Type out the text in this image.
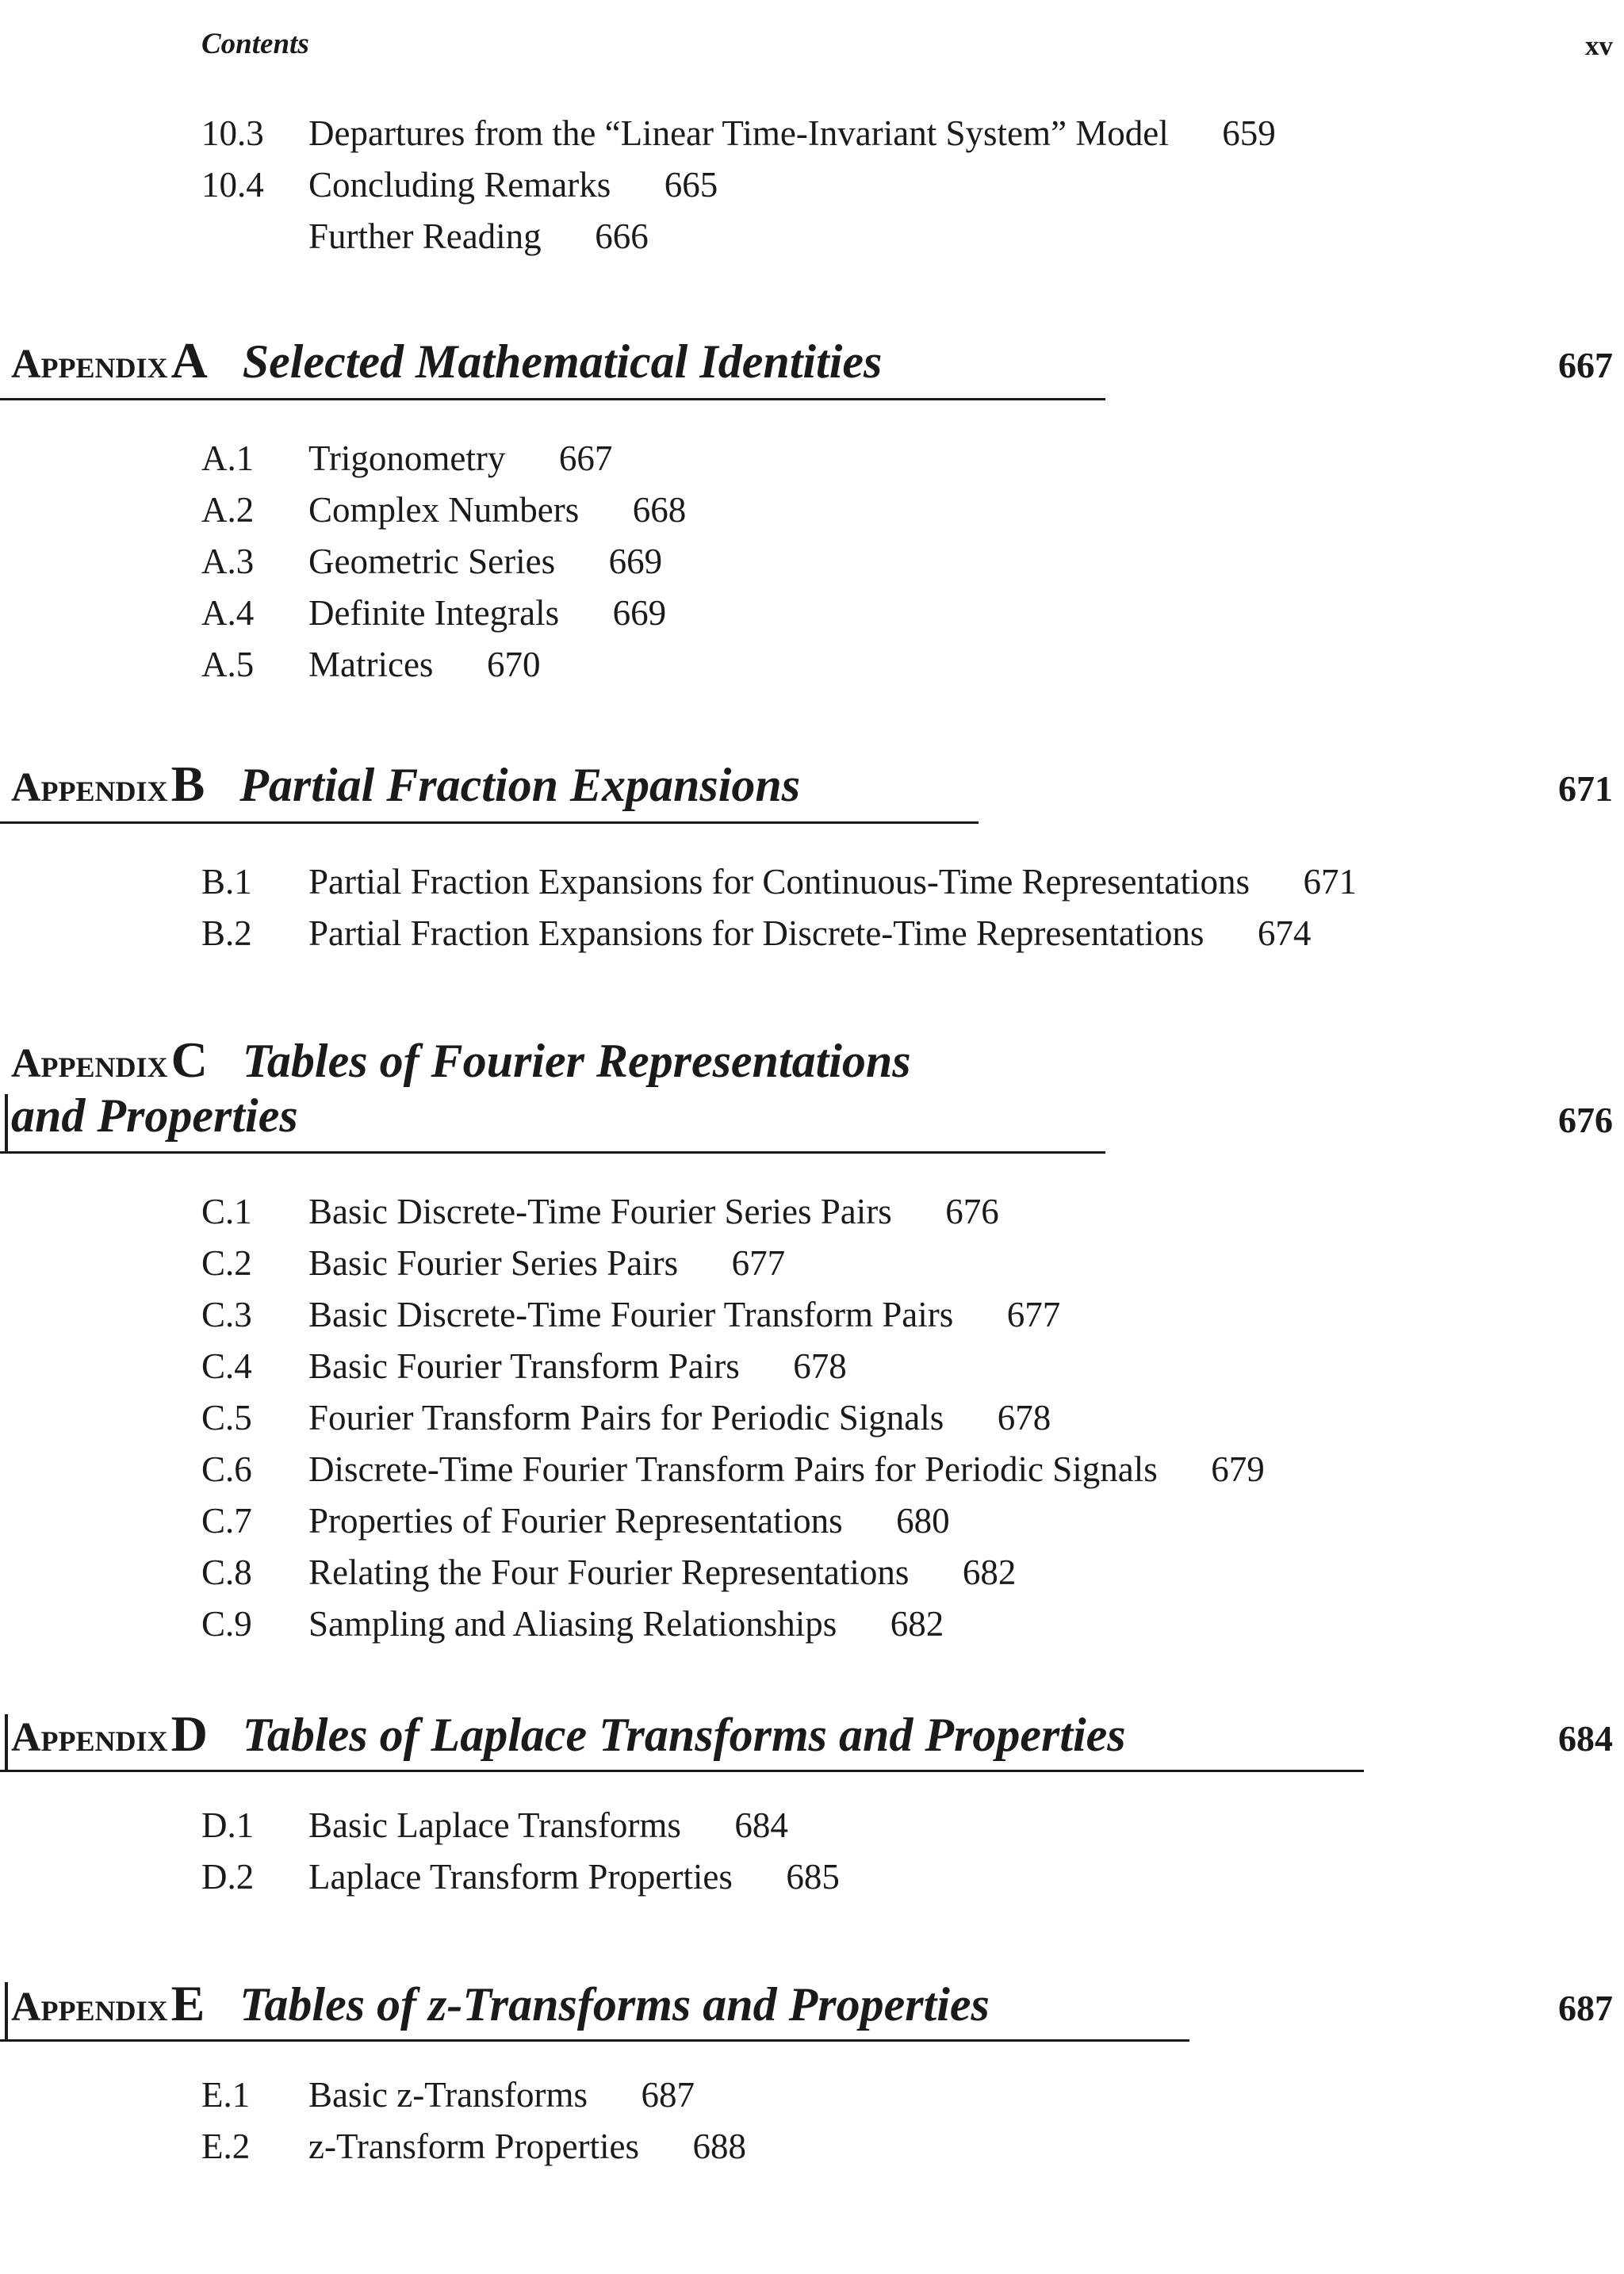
Contents	xv
10.3 Departures from the “Linear Time-Invariant System” Model 659
10.4 Concluding Remarks 665
Further Reading 666
AppendixA Selected Mathematical Identities	667
A.1 Trigonometry 667
A.2 Complex Numbers 668
A.3 Geometric Series 669
A.4 Definite Integrals 669
A.5 Matrices 670
AppendixB Partial Fraction Expansions	671
B.1 Partial Fraction Expansions for Continuous-Time Representations 671
B.2 Partial Fraction Expansions for Discrete-Time Representations 674
AppendixC Tables of Fourier Representations
and Properties	676
C.1 Basic Discrete-Time Fourier Series Pairs 676
C.2 Basic Fourier Series Pairs 677
C.3 Basic Discrete-Time Fourier Transform Pairs 677
C.4 Basic Fourier Transform Pairs 678
C.5 Fourier Transform Pairs for Periodic Signals 678
C.6 Discrete-Time Fourier Transform Pairs for Periodic Signals 679
C.7 Properties of Fourier Representations 680
C.8 Relating the Four Fourier Representations 682
C.9 Sampling and Aliasing Relationships 682
AppendixD Tables of Laplace Transforms and Properties	684
D.1 Basic Laplace Transforms 684
D.2 Laplace Transform Properties 685
AppendixE Tables of z-Transforms and Properties	687
E.1 Basic z-Transforms 687
E.2 z-Transform Properties 688
